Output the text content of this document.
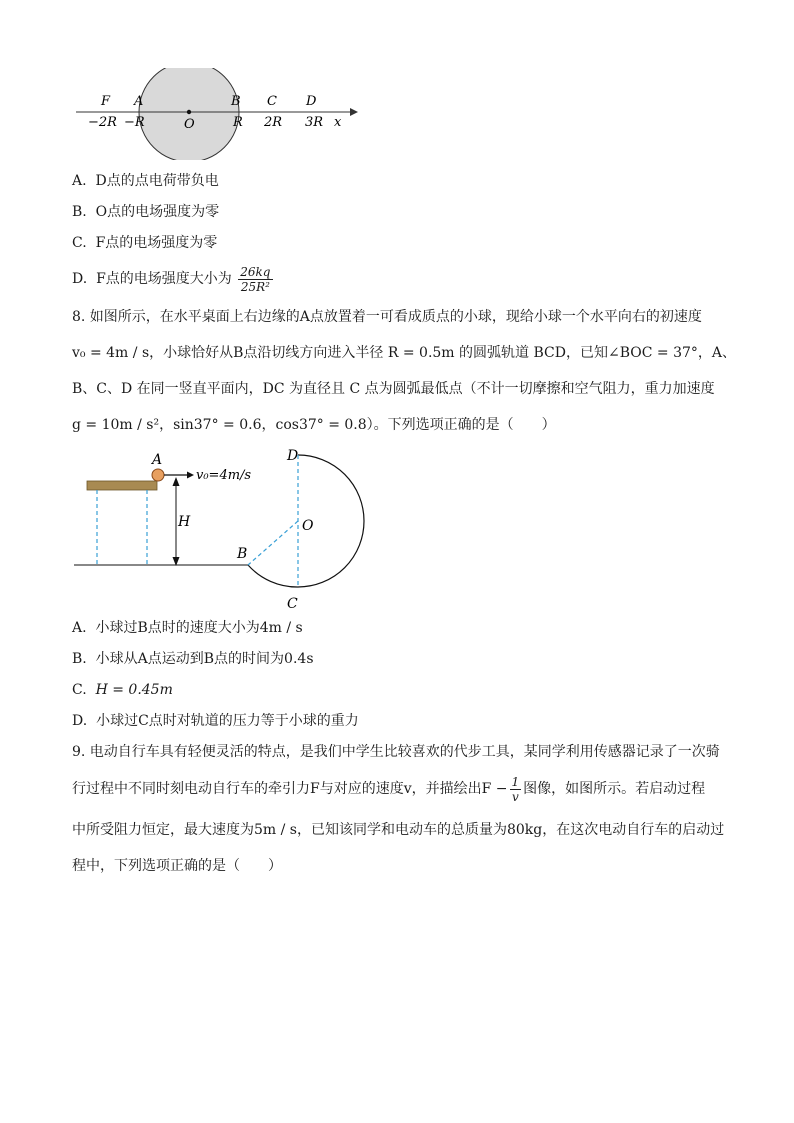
F A	B C D
−2R −R	O	R 2R 3R x
A. D点的点电荷带负电
B. O点的电场强度为零
C. F点的电场强度为零
D. F点的电场强度大小为 $\frac{26kq}{\text{25R²}}$
8. 如图所示，在水平桌面上右边缘的A点放置着一可看成质点的小球，现给小球一个水平向右的初速度
v₀ = 4m / s，小球恰好从B点沿切线方向进入半径 R = 0.5m 的圆弧轨道 BCD，已知∠BOC = 37°，A、
B、C、D 在同一竖直平面内，DC 为直径且 C 点为圆弧最低点（不计一切摩擦和空气阻力，重力加速度
g = 10m / s²，sin37° = 0.6，cos37° = 0.8）。下列选项正确的是（　　）
A
v₀=4m/s
H
D
O
B
C
A. 小球过B点时的速度大小为4m / s
B. 小球从A点运动到B点的时间为0.4s
C. H = 0.45m
D. 小球过C点时对轨道的压力等于小球的重力
9. 电动自行车具有轻便灵活的特点，是我们中学生比较喜欢的代步工具，某同学利用传感器记录了一次骑
行过程中不同时刻电动自行车的牵引力F与对应的速度v，并描绘出$F - \frac{1}{v}$ 图像，如图所示。若启动过程
中所受阻力恒定，最大速度为5m / s，已知该同学和电动车的总质量为80kg，在这次电动自行车的启动过
程中，下列选项正确的是（　　）
